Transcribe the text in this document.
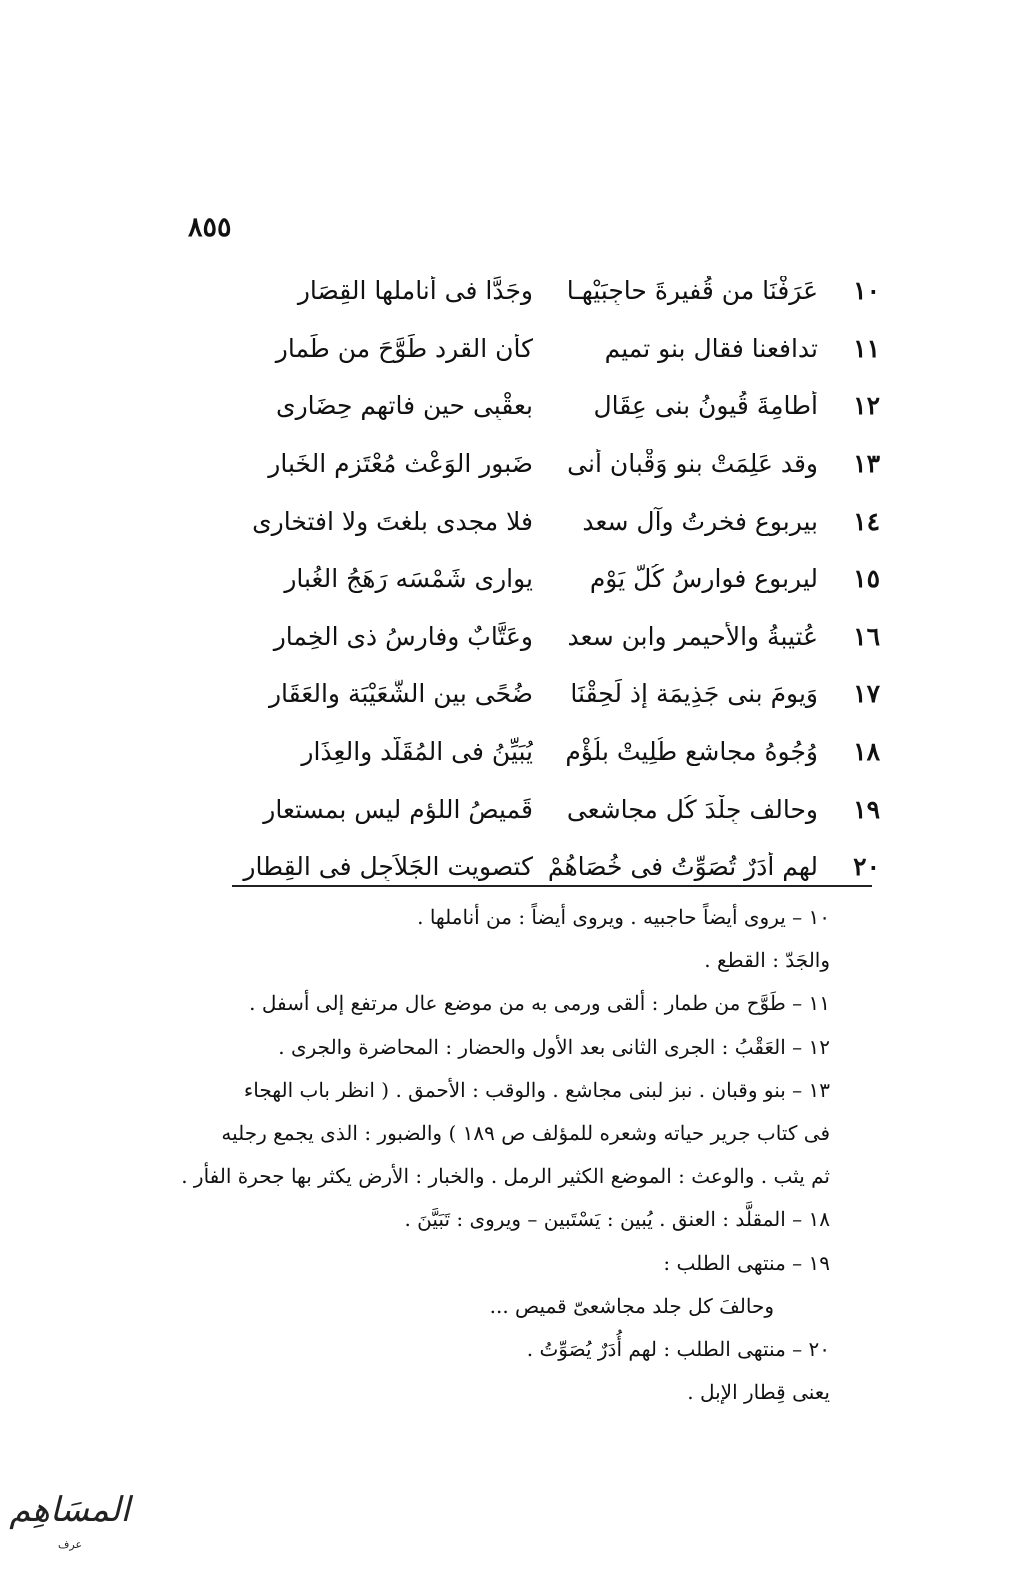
٨٥٥
١٠
عَرَفْنَا من قُفيرةَ حاجِبَيْهـا
وجَدًّا فى أناملها القِصَار
١١
تدافعنا فقال بنو تميم
كأن القرد طَوَّحَ من طَمار
١٢
أطامِةَ قُيونُ بنى عِقَال
بعقْبِى حين فاتهم حِضَارى
١٣
وقد عَلِمَتْ بنو وَقْبان أنى
ضَبور الوَعْث مُعْتَزم الخَبار
١٤
بيربوع فخرتُ وآل سعد
فلا مجدى بلغتَ ولا افتخارى
١٥
ليربوع فوارسُ كُلَّ يَوْم
يوارى شَمْسَه رَهَجُ الغُبار
١٦
عُتيبةُ والأُحيمر وابن سعد
وعَتَّابٌ وفارسُ ذى الخِمار
١٧
وَيومَ بنى جَذِيمَة إذ لَحِقْنَا
ضُحًى بين الشُّعَيْبَة والعَقَار
١٨
وُجُوهُ مجاشع طُلِيتْ بلُؤْم
يُبَيِّنُ فى المُقَلَّد والعِذَار
١٩
وحالف جِلْدَ كُل مجاشعى
قَميصُ اللؤم ليس بمستعار
٢٠
لهم أُدَرٌ تُصَوِّتُ فى خُصَاهُمْ
كتصويت الجَلاَجِل فى القِطار
١٠ – يروى أيضاً حاجبيه . ويروى أيضاً : من أناملها .
والجَدّ : القطع .
١١ – طَوَّح من طمار : ألقى ورمى به من موضع عال مرتفع إلى أسفل .
١٢ – العَقْبُ : الجرى الثانى بعد الأول والحضار : المحاضرة والجرى .
١٣ – بنو وقبان . نبز لبنى مجاشع . والوقب : الأحمق . ( انظر باب الهجاء
فى كتاب جرير حياته وشعره للمؤلف ص ١٨٩ ) والضبور : الذى يجمع رجليه
ثم يثب . والوعث : الموضع الكثير الرمل . والخبار : الأرض يكثر بها جحرة الفأر .
١٨ – المقلَّد : العنق . يُبين : يَسْتَبين – ويروى : تَبَيَّنَ .
١٩ – منتهى الطلب :
وحالفَ كل جلد مجاشعىّ قميص ...
٢٠ – منتهى الطلب : لهم أُدَرٌ يُصَوِّتُ .
يعنى قِطار الإبل .
المسَاهِم
عرف
